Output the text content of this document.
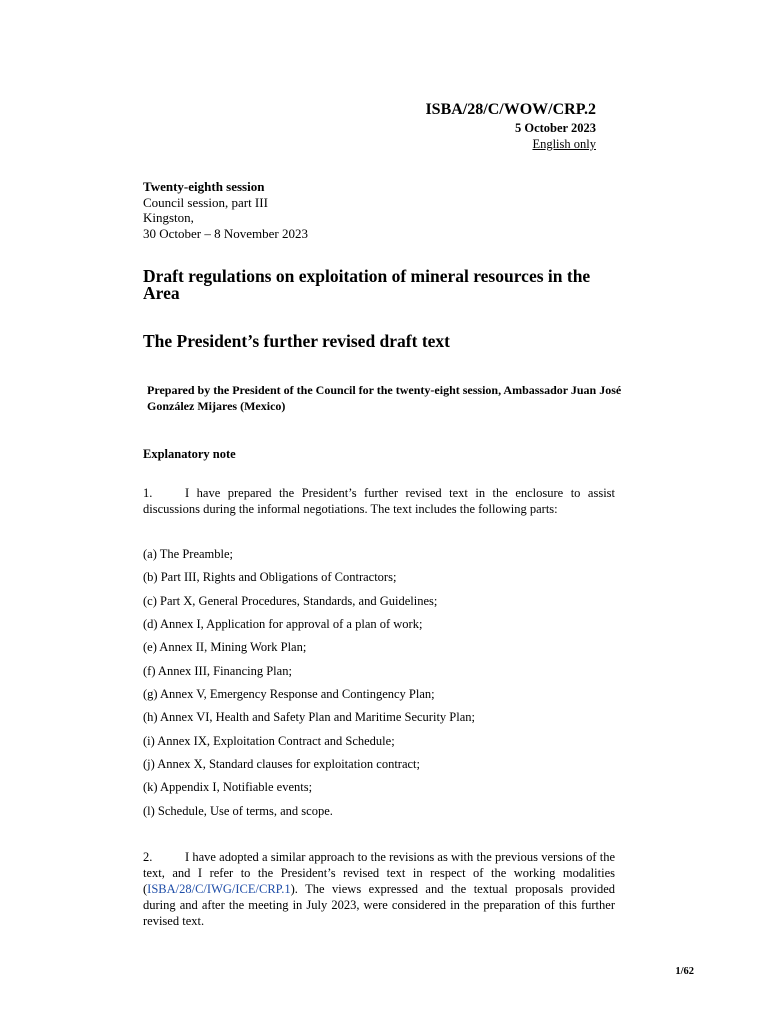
ISBA/28/C/WOW/CRP.2
5 October 2023
English only
Twenty-eighth session
Council session, part III
Kingston,
30 October – 8 November 2023
Draft regulations on exploitation of mineral resources in the Area
The President’s further revised draft text
Prepared by the President of the Council for the twenty-eight session, Ambassador Juan José González Mijares (Mexico)
Explanatory note
1.	I have prepared the President’s further revised text in the enclosure to assist discussions during the informal negotiations. The text includes the following parts:
(a) The Preamble;
(b) Part III, Rights and Obligations of Contractors;
(c) Part X, General Procedures, Standards, and Guidelines;
(d) Annex I, Application for approval of a plan of work;
(e) Annex II, Mining Work Plan;
(f) Annex III, Financing Plan;
(g) Annex V, Emergency Response and Contingency Plan;
(h) Annex VI, Health and Safety Plan and Maritime Security Plan;
(i) Annex IX, Exploitation Contract and Schedule;
(j) Annex X, Standard clauses for exploitation contract;
(k) Appendix I, Notifiable events;
(l) Schedule, Use of terms, and scope.
2.	I have adopted a similar approach to the revisions as with the previous versions of the text, and I refer to the President’s revised text in respect of the working modalities (ISBA/28/C/IWG/ICE/CRP.1). The views expressed and the textual proposals provided during and after the meeting in July 2023, were considered in the preparation of this further revised text.
1/62
